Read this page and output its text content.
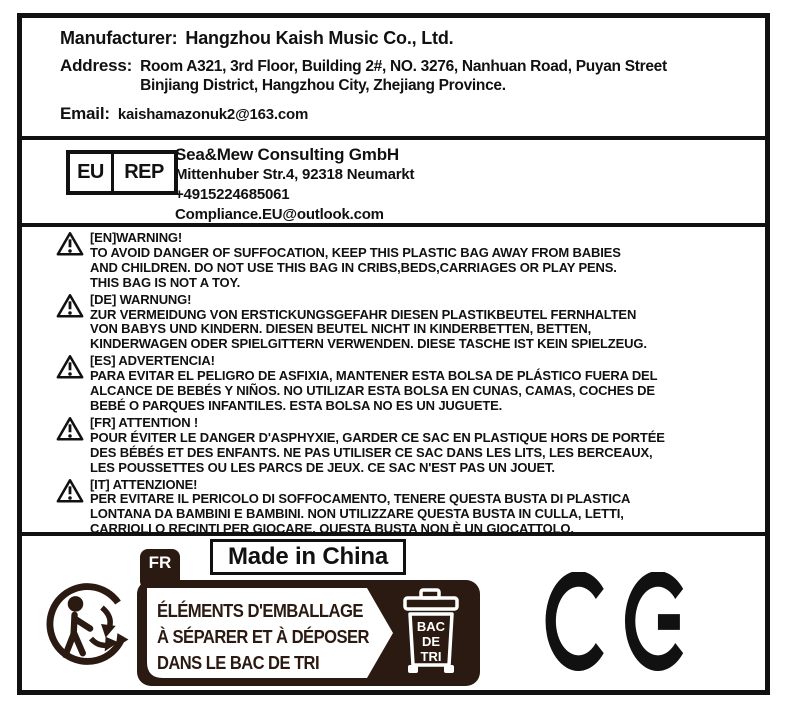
Manufacturer: Hangzhou Kaish Music Co., Ltd.
Address: Room A321, 3rd Floor, Building 2#, NO. 3276, Nanhuan Road, Puyan Street
Binjiang District, Hangzhou City, Zhejiang Province.
Email: kaishamazonuk2@163.com
EU	REP
Sea&Mew Consulting GmbH
Mittenhuber Str.4, 92318 Neumarkt
+4915224685061
Compliance.EU@outlook.com
[EN]WARNING!
TO AVOID DANGER OF SUFFOCATION, KEEP THIS PLASTIC BAG AWAY FROM BABIES
AND CHILDREN. DO NOT USE THIS BAG IN CRIBS,BEDS,CARRIAGES OR PLAY PENS.
THIS BAG IS NOT A TOY.
[DE] WARNUNG!
ZUR VERMEIDUNG VON ERSTICKUNGSGEFAHR DIESEN PLASTIKBEUTEL FERNHALTEN
VON BABYS UND KINDERN. DIESEN BEUTEL NICHT IN KINDERBETTEN, BETTEN,
KINDERWAGEN ODER SPIELGITTERN VERWENDEN. DIESE TASCHE IST KEIN SPIELZEUG.
[ES] ADVERTENCIA!
PARA EVITAR EL PELIGRO DE ASFIXIA, MANTENER ESTA BOLSA DE PLÁSTICO FUERA DEL
ALCANCE DE BEBÉS Y NIÑOS. NO UTILIZAR ESTA BOLSA EN CUNAS, CAMAS, COCHES DE
BEBÉ O PARQUES INFANTILES. ESTA BOLSA NO ES UN JUGUETE.
[FR] ATTENTION !
POUR ÉVITER LE DANGER D'ASPHYXIE, GARDER CE SAC EN PLASTIQUE HORS DE PORTÉE
DES BÉBÉS ET DES ENFANTS. NE PAS UTILISER CE SAC DANS LES LITS, LES BERCEAUX,
LES POUSSETTES OU LES PARCS DE JEUX. CE SAC N'EST PAS UN JOUET.
[IT] ATTENZIONE!
PER EVITARE IL PERICOLO DI SOFFOCAMENTO, TENERE QUESTA BUSTA DI PLASTICA
LONTANA DA BAMBINI E BAMBINI. NON UTILIZZARE QUESTA BUSTA IN CULLA, LETTI,
CARRIOLI O RECINTI PER GIOCARE. QUESTA BUSTA NON È UN GIOCATTOLO.
Made in China
FR
ÉLÉMENTS D'EMBALLAGE
À SÉPARER ET À DÉPOSER
DANS LE BAC DE TRI
BAC
DE
TRI
